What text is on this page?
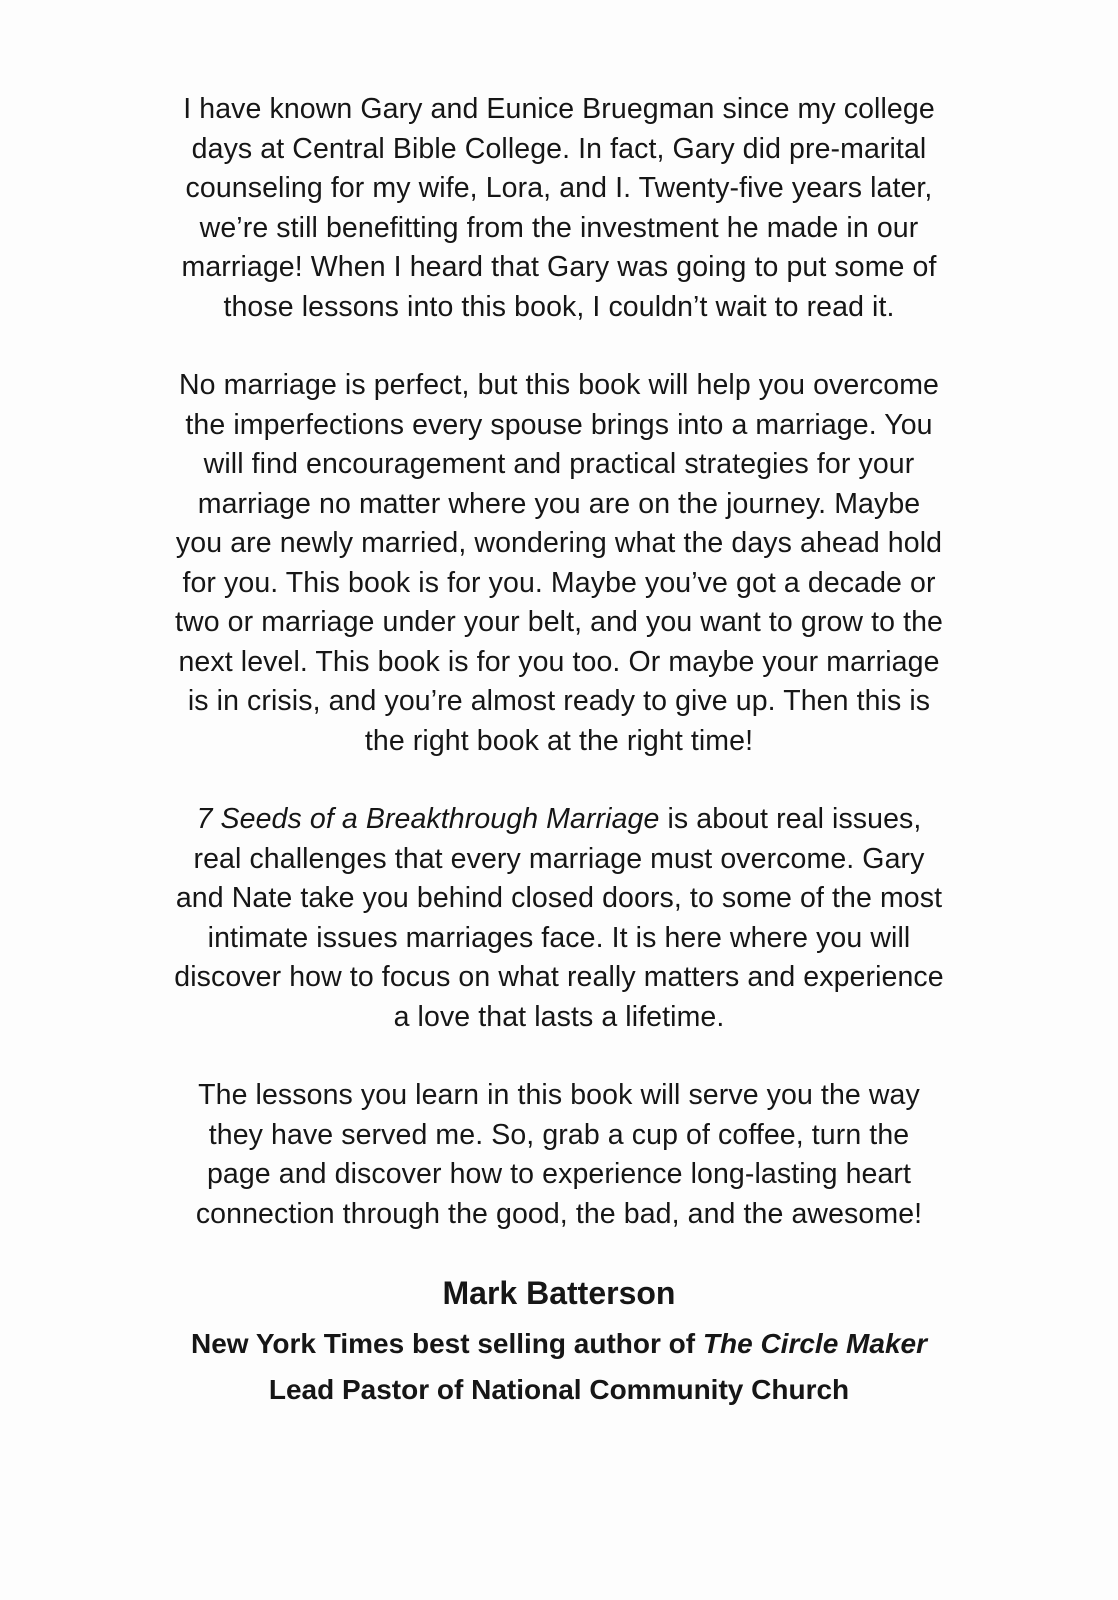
I have known Gary and Eunice Bruegman since my college
days at Central Bible College. In fact, Gary did pre-marital
counseling for my wife, Lora, and I. Twenty-five years later,
we’re still benefitting from the investment he made in our
marriage! When I heard that Gary was going to put some of
those lessons into this book, I couldn’t wait to read it.

No marriage is perfect, but this book will help you overcome
the imperfections every spouse brings into a marriage. You
will find encouragement and practical strategies for your
marriage no matter where you are on the journey. Maybe
you are newly married, wondering what the days ahead hold
for you. This book is for you. Maybe you’ve got a decade or
two or marriage under your belt, and you want to grow to the
next level. This book is for you too. Or maybe your marriage
is in crisis, and you’re almost ready to give up. Then this is
the right book at the right time!

7 Seeds of a Breakthrough Marriage is about real issues,
real challenges that every marriage must overcome. Gary
and Nate take you behind closed doors, to some of the most
intimate issues marriages face. It is here where you will
discover how to focus on what really matters and experience
a love that lasts a lifetime.

The lessons you learn in this book will serve you the way
they have served me. So, grab a cup of coffee, turn the
page and discover how to experience long-lasting heart
connection through the good, the bad, and the awesome!

Mark Batterson
New York Times best selling author of The Circle Maker
Lead Pastor of National Community Church
